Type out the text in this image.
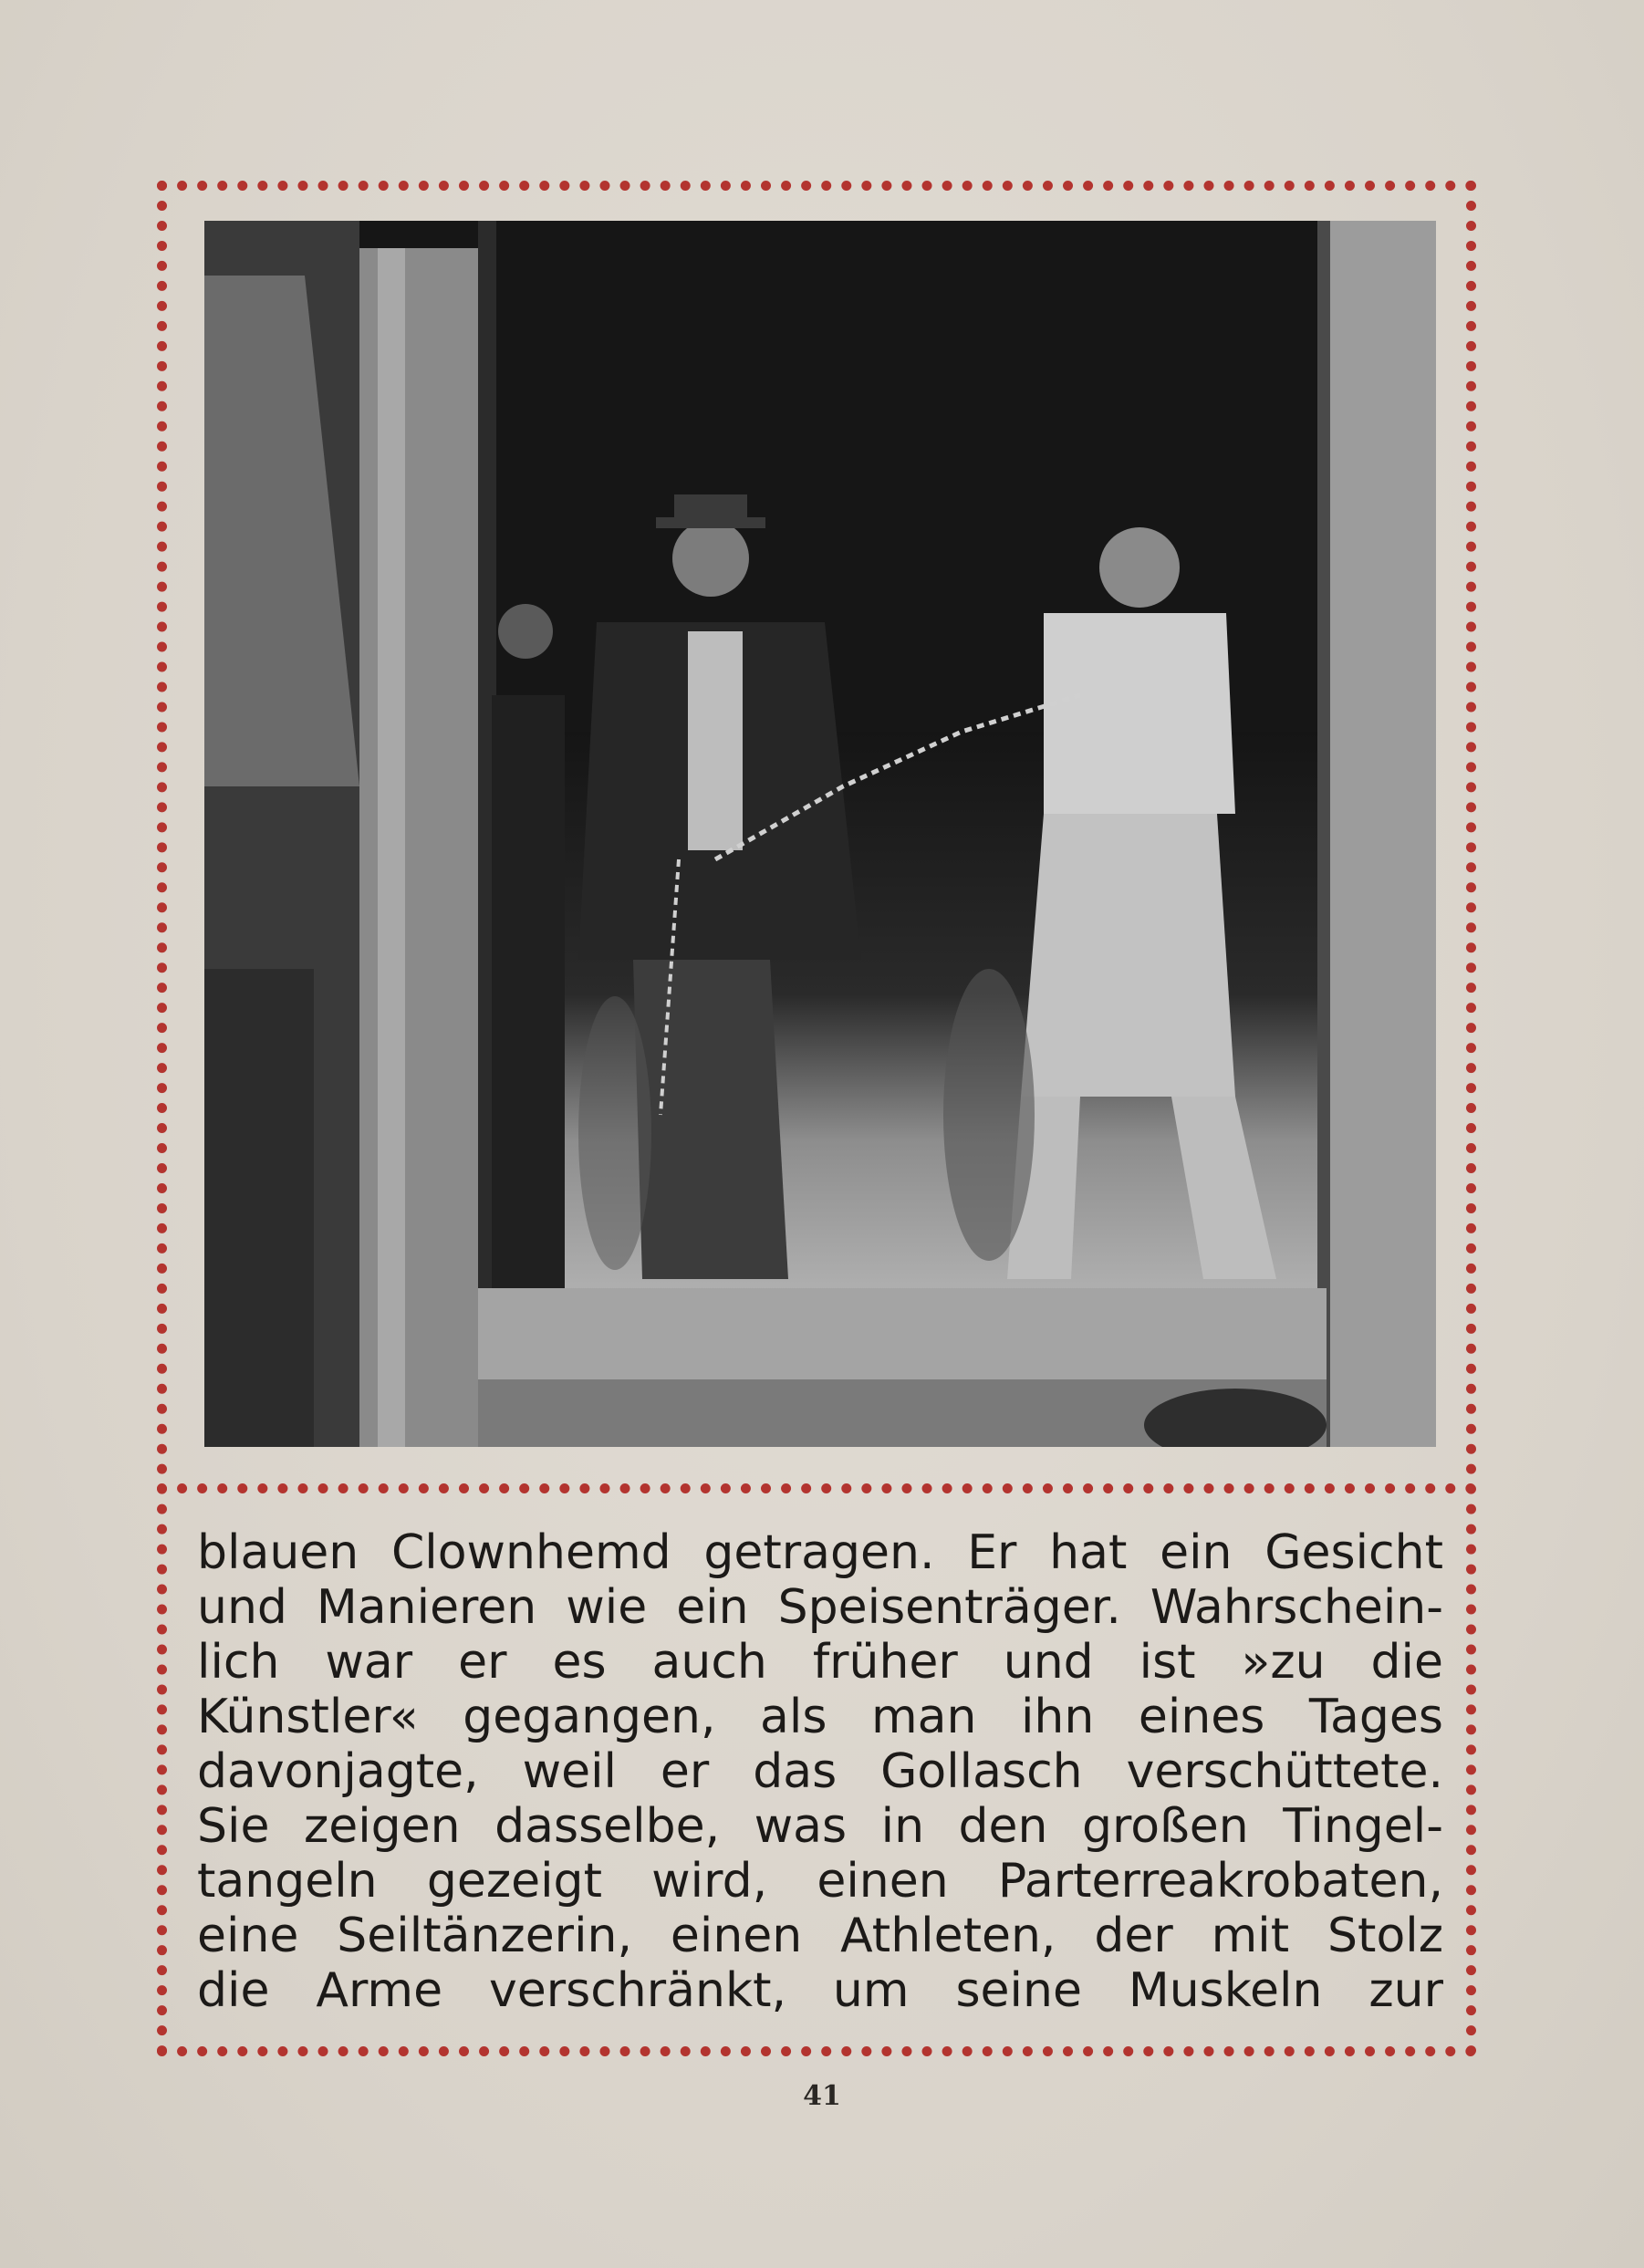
blauen Clownhemd getragen. Er hat ein Gesicht

und Manieren wie ein Speisenträger. Wahrschein-

lich war er es auch früher und ist »zu die

Künstler« gegangen, als man ihn eines Tages

davonjagte, weil er das Gollasch verschüttete.

Sie zeigen dasselbe, was in den großen Tingel-

tangeln gezeigt wird, einen Parterreakrobaten,

eine Seiltänzerin, einen Athleten, der mit Stolz

die Arme verschränkt, um seine Muskeln zur

41
